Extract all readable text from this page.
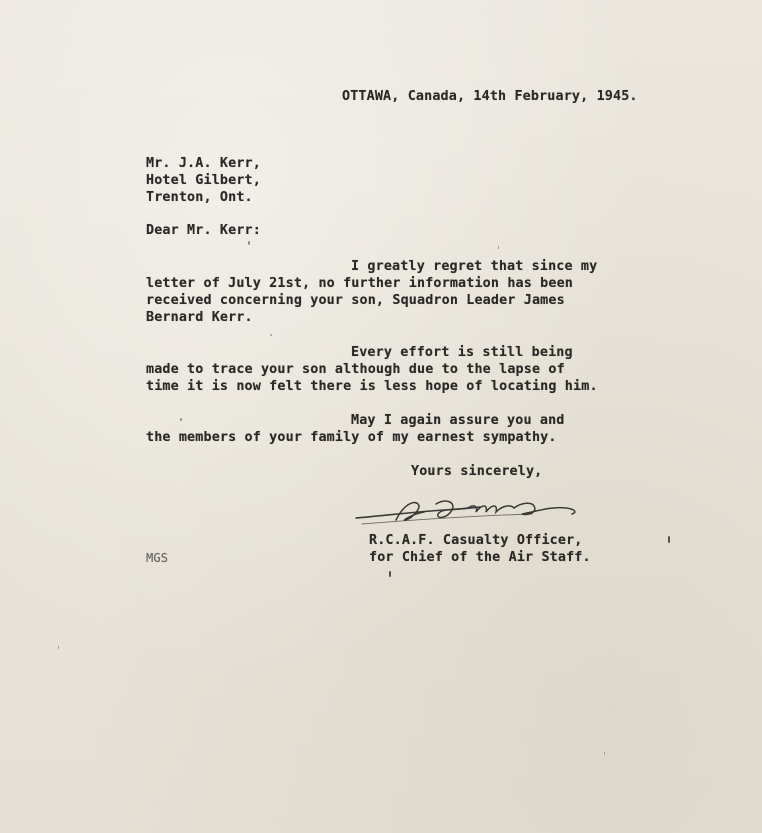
OTTAWA, Canada, 14th February, 1945.
Mr. J.A. Kerr,
Hotel Gilbert,
Trenton, Ont.
Dear Mr. Kerr:
I greatly regret that since my
letter of July 21st, no further information has been
received concerning your son, Squadron Leader James
Bernard Kerr.
Every effort is still being
made to trace your son although due to the lapse of
time it is now felt there is less hope of locating him.
May I again assure you and
the members of your family of my earnest sympathy.
Yours sincerely,
R.C.A.F. Casualty Officer,
for Chief of the Air Staff.
MGS
